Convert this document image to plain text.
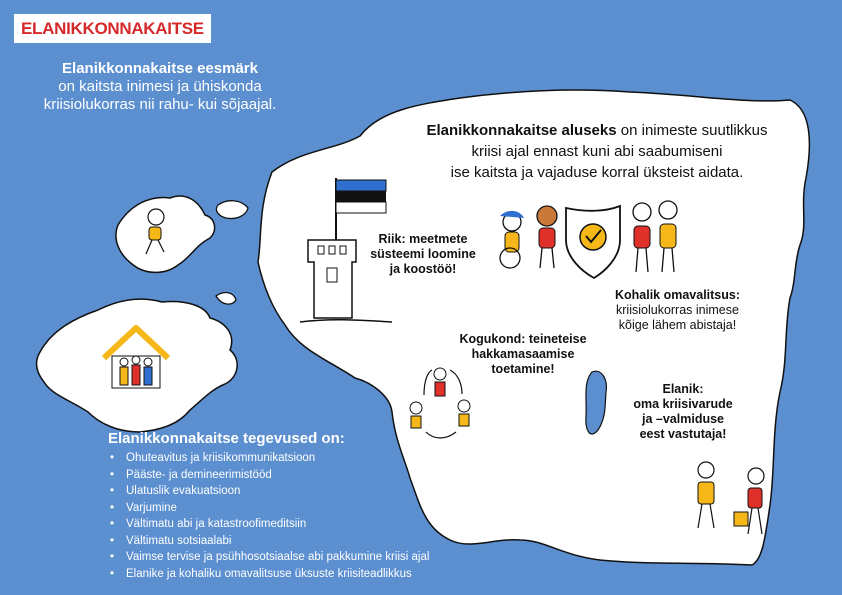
ELANIKKONNAKAITSE
Elanikkonnakaitse eesmärk
on kaitsta inimesi ja ühiskonda
kriisiolukorras nii rahu- kui sõjaajal.
Elanikkonnakaitse aluseks on inimeste suutlikkus
kriisi ajal ennast kuni abi saabumiseni
ise kaitsta ja vajaduse korral üksteist aidata.
Riik: meetmete
süsteemi loomine
ja koostöö!
Kohalik omavalitsus:
kriisiolukorras inimese
kõige lähem abistaja!
Kogukond: teineteise
hakkamasaamise
toetamine!
Elanik:
oma kriisivarude
ja –valmiduse
eest vastutaja!
Elanikkonnakaitse tegevused on:
• Ohuteavitus ja kriisikommunikatsioon
• Pääste- ja demineerimistööd
• Ulatuslik evakuatsioon
• Varjumine
• Vältimatu abi ja katastroofimeditsiin
• Vältimatu sotsiaalabi
• Vaimse tervise ja psühhosotsiaalse abi pakkumine kriisi ajal
• Elanike ja kohaliku omavalitsuse üksuste kriisiteadlikkus
